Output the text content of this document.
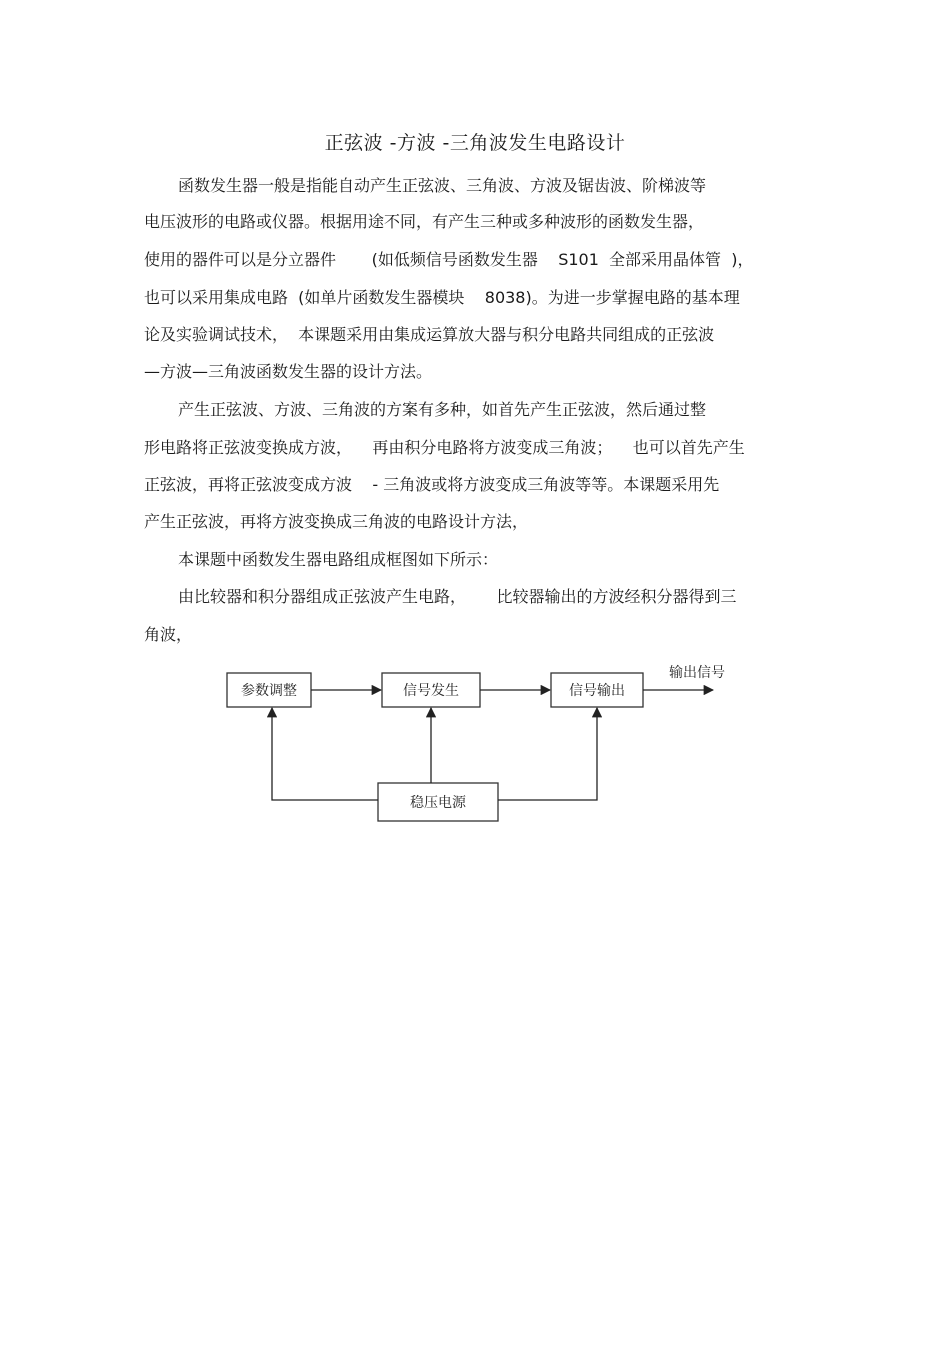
正弦波 -方波 -三角波发生电路设计
函数发生器一般是指能自动产生正弦波、三角波、方波及锯齿波、阶梯波等
电压波形的电路或仪器。根据用途不同，有产生三种或多种波形的函数发生器，
使用的器件可以是分立器件       (如低频信号函数发生器    S101  全部采用晶体管  )，
也可以采用集成电路  (如单片函数发生器模块    8038)。为进一步掌握电路的基本理
论及实验调试技术，  本课题采用由集成运算放大器与积分电路共同组成的正弦波
—方波—三角波函数发生器的设计方法。
产生正弦波、方波、三角波的方案有多种，如首先产生正弦波，然后通过整
形电路将正弦波变换成方波，    再由积分电路将方波变成三角波；    也可以首先产生
正弦波，再将正弦波变成方波    - 三角波或将方波变成三角波等等。本课题采用先
产生正弦波，再将方波变换成三角波的电路设计方法，
本课题中函数发生器电路组成框图如下所示：
由比较器和积分器组成正弦波产生电路，      比较器输出的方波经积分器得到三
角波，
参数调整	信号发生	信号输出
稳压电源
输出信号
